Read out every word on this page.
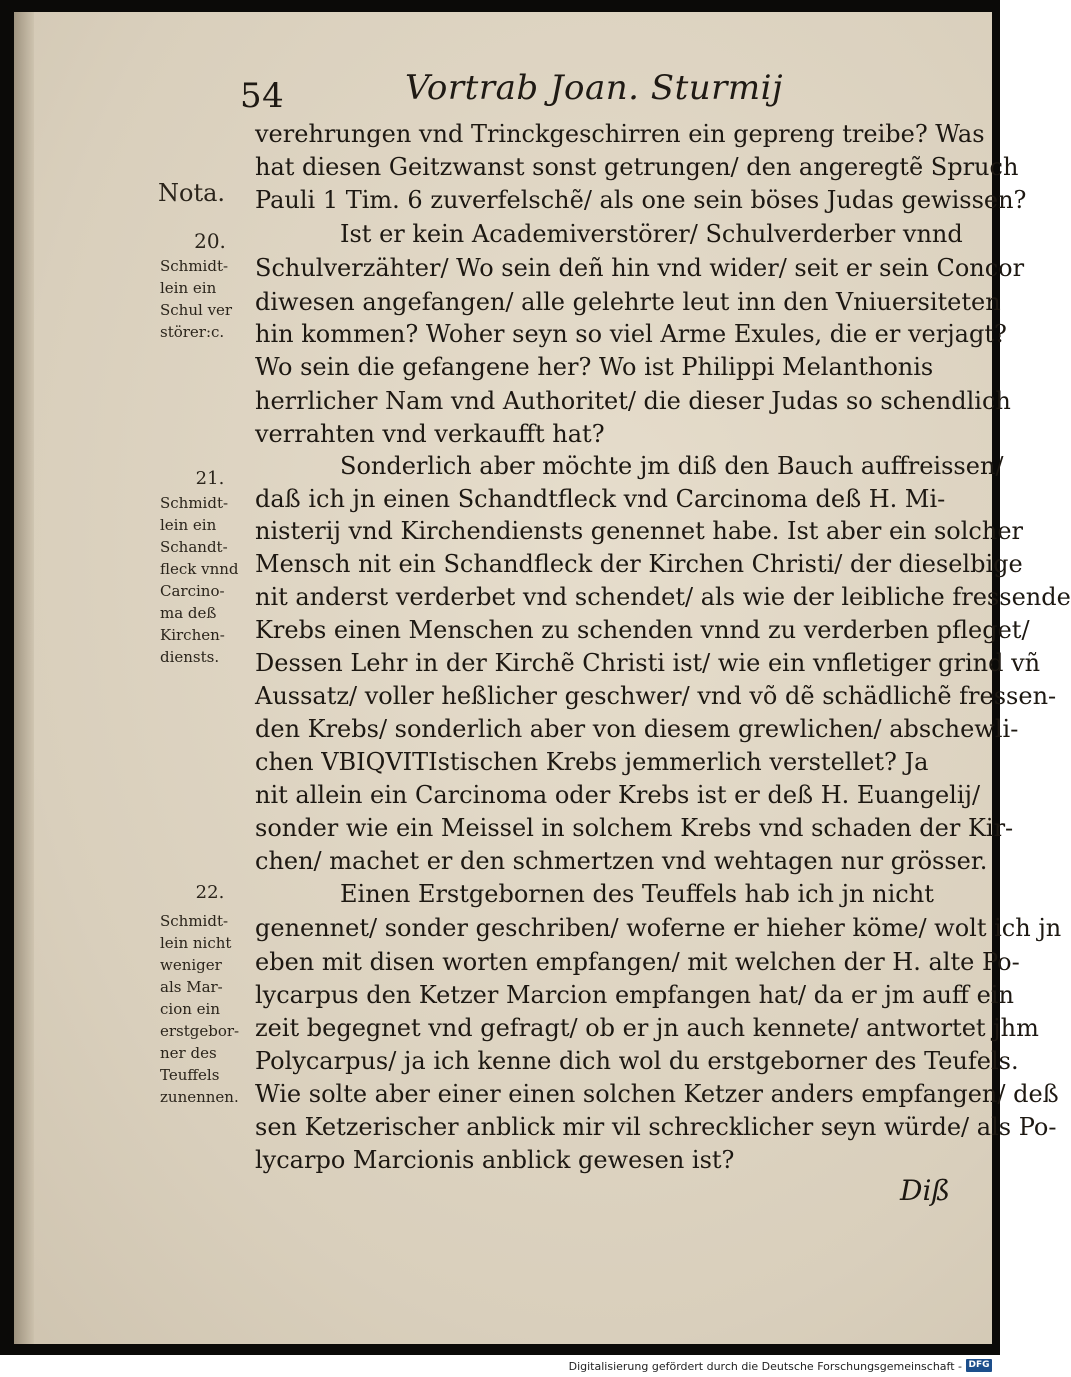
54	Vortrab Joan. Sturmij
verehrungen vnd Trinckgeschirren ein gepreng treibe? Was
hat diesen Geitzwanst sonst getrungen/ den angeregtẽ Spruch
Pauli 1 Tim. 6 zuverfelschẽ/ als one sein böses Judas gewissen?
Ist er kein Academiverstörer/ Schulverderber vnnd
Schulverzähter/ Wo sein deñ hin vnd wider/ seit er sein Concor
diwesen angefangen/ alle gelehrte leut inn den Vniuersiteten
hin kommen? Woher seyn so viel Arme Exules, die er verjagt?
Wo sein die gefangene her? Wo ist Philippi Melanthonis
herrlicher Nam vnd Authoritet/ die dieser Judas so schendlich
verrahten vnd verkaufft hat?
Sonderlich aber möchte jm diß den Bauch auffreissen/
daß ich jn einen Schandtfleck vnd Carcinoma deß H. Mi-
nisterij vnd Kirchendiensts genennet habe. Ist aber ein solcher
Mensch nit ein Schandfleck der Kirchen Christi/ der dieselbige
nit anderst verderbet vnd schendet/ als wie der leibliche fressende
Krebs einen Menschen zu schenden vnnd zu verderben pfleget/
Dessen Lehr in der Kirchẽ Christi ist/ wie ein vnfletiger grind vñ
Aussatz/ voller heßlicher geschwer/ vnd võ dẽ schädlichẽ fressen-
den Krebs/ sonderlich aber von diesem grewlichen/ abschewli-
chen VBIQVITIstischen Krebs jemmerlich verstellet? Ja
nit allein ein Carcinoma oder Krebs ist er deß H. Euangelij/
sonder wie ein Meissel in solchem Krebs vnd schaden der Kir-
chen/ machet er den schmertzen vnd wehtagen nur grösser.
Einen Erstgebornen des Teuffels hab ich jn nicht
genennet/ sonder geschriben/ woferne er hieher köme/ wolt ich jn
eben mit disen worten empfangen/ mit welchen der H. alte Po-
lycarpus den Ketzer Marcion empfangen hat/ da er jm auff ein
zeit begegnet vnd gefragt/ ob er jn auch kennete/ antwortet jhm
Polycarpus/ ja ich kenne dich wol du erstgeborner des Teufels.
Wie solte aber einer einen solchen Ketzer anders empfangen/ deß
sen Ketzerischer anblick mir vil schrecklicher seyn würde/ als Po-
lycarpo Marcionis anblick gewesen ist?
Nota.
20.
Schmidt-
lein ein
Schul ver
störer:c.
21.
Schmidt-
lein ein
Schandt-
fleck vnnd
Carcino-
ma deß
Kirchen-
diensts.
22.
Schmidt-
lein nicht
weniger
als Mar-
cion ein
erstgebor-
ner des
Teuffels
zunennen.
Diß
Digitalisierung gefördert durch die Deutsche Forschungsgemeinschaft - DFG
